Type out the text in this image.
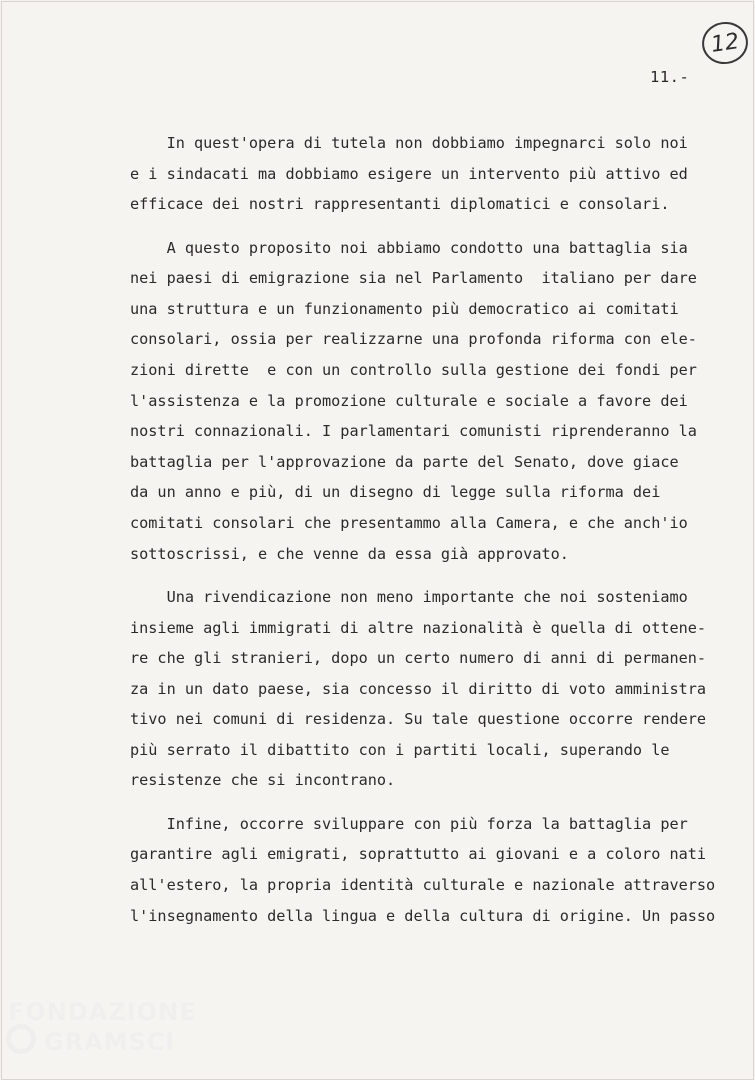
12
11.-
In quest'opera di tutela non dobbiamo impegnarci solo noi
e i sindacati ma dobbiamo esigere un intervento più attivo ed
efficace dei nostri rappresentanti diplomatici e consolari.
A questo proposito noi abbiamo condotto una battaglia sia
nei paesi di emigrazione sia nel Parlamento  italiano per dare
una struttura e un funzionamento più democratico ai comitati
consolari, ossia per realizzarne una profonda riforma con ele-
zioni dirette  e con un controllo sulla gestione dei fondi per
l'assistenza e la promozione culturale e sociale a favore dei
nostri connazionali. I parlamentari comunisti riprenderanno la
battaglia per l'approvazione da parte del Senato, dove giace
da un anno e più, di un disegno di legge sulla riforma dei
comitati consolari che presentammo alla Camera, e che anch'io
sottoscrissi, e che venne da essa già approvato.
Una rivendicazione non meno importante che noi sosteniamo
insieme agli immigrati di altre nazionalità è quella di ottene-
re che gli stranieri, dopo un certo numero di anni di permanen-
za in un dato paese, sia concesso il diritto di voto amministra
tivo nei comuni di residenza. Su tale questione occorre rendere
più serrato il dibattito con i partiti locali, superando le
resistenze che si incontrano.
Infine, occorre sviluppare con più forza la battaglia per
garantire agli emigrati, soprattutto ai giovani e a coloro nati
all'estero, la propria identità culturale e nazionale attraverso
l'insegnamento della lingua e della cultura di origine. Un passo
FONDAZIONE
GRAMSCI
